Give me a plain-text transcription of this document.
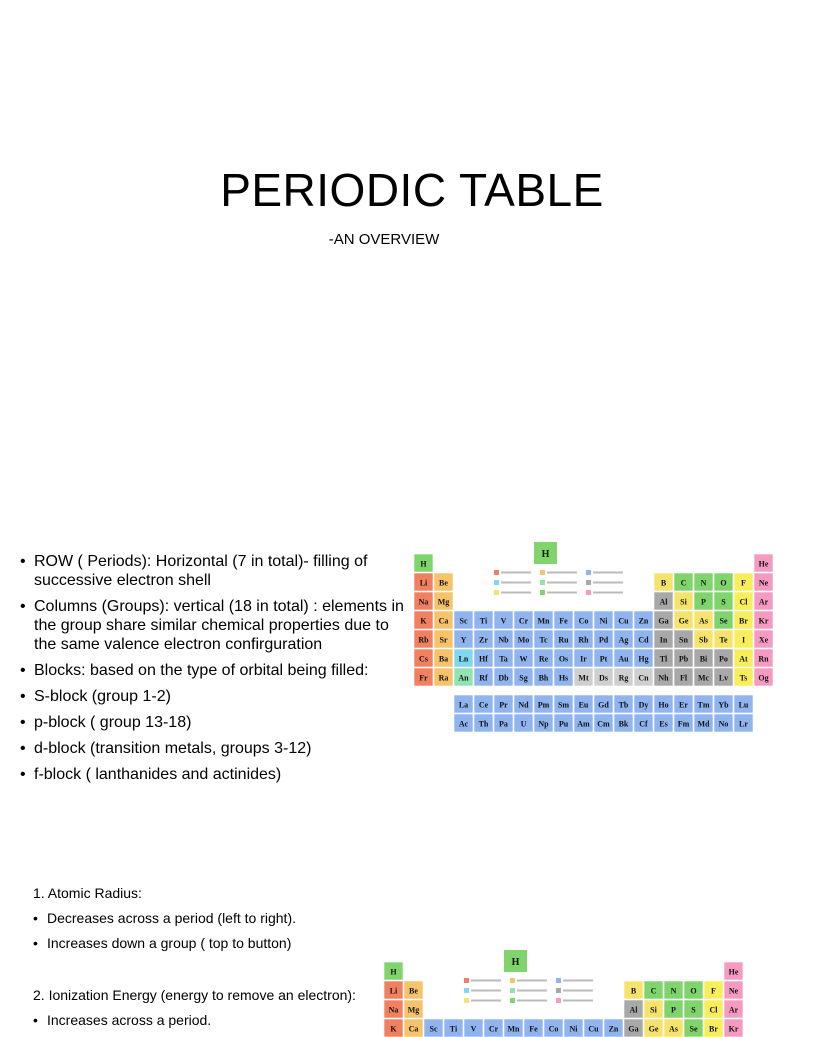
PERIODIC TABLE
-AN OVERVIEW
• ROW ( Periods): Horizontal (7 in total)- filling of successive electron shell
• Columns (Groups): vertical (18 in total) : elements in the group share similar chemical properties due to the same valence electron confirguration
• Blocks: based on the type of orbital being filled:
• S-block (group 1-2)
• p-block ( group 13-18)
• d-block (transition metals, groups 3-12)
• f-block ( lanthanides and actinides)
H	He
Li Be	B C N O F Ne
Na Mg	Al Si P S Cl Ar
K Ca Sc Ti V Cr Mn Fe Co Ni Cu Zn Ga Ge As Se Br Kr
Rb Sr Y Zr Nb Mo Tc Ru Rh Pd Ag Cd In Sn Sb Te I Xe
Cs Ba Ln Hf Ta W Re Os Ir Pt Au Hg Tl Pb Bi Po At Rn
Fr Ra An Rf Db Sg Bh Hs Mt Ds Rg Cn Nh Fl Mc Lv Ts Og
H
La Ce Pr Nd Pm Sm Eu Gd Tb Dy Ho Er Tm Yb Lu
Ac Th Pa U Np Pu Am Cm Bk Cf Es Fm Md No Lr
1. Atomic Radius:
• Decreases across a period (left to right).
• Increases down a group ( top to button)
2. Ionization Energy (energy to remove an electron):
• Increases across a period.
H	He
Li Be	B C N O F Ne
Na Mg	Al Si P S Cl Ar
K Ca Sc Ti V Cr Mn Fe Co Ni Cu Zn Ga Ge As Se Br Kr
H
